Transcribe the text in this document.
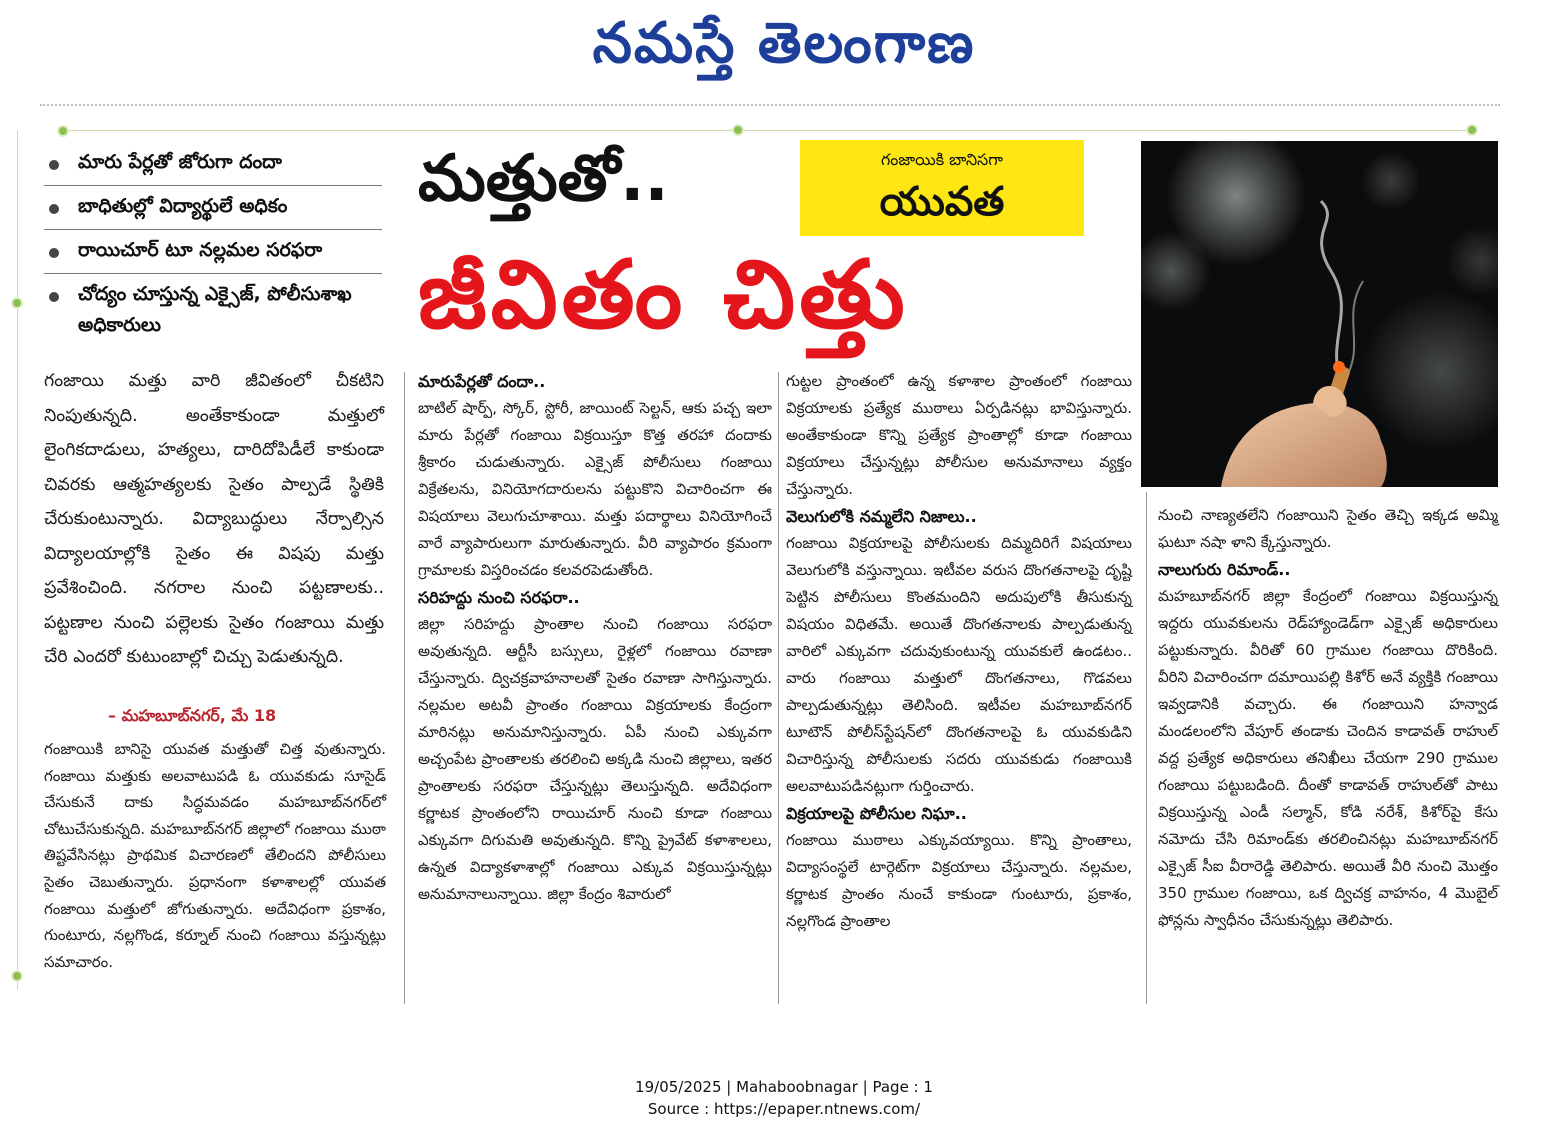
నమస్తే తెలంగాణ
మారు పేర్లతో జోరుగా దందా
బాధితుల్లో విద్యార్థులే అధికం
రాయిచూర్ టూ నల్లమల సరఫరా
చోద్యం చూస్తున్న ఎక్సైజ్, పోలీసుశాఖ అధికారులు
మత్తుతో..	గంజాయికి బానిసగా
యువత
జీవితం చిత్తు

గంజాయి మత్తు వారి జీవితంలో చీకటిని నింపుతున్నది. అంతేకాకుండా మత్తులో లైంగికదాడులు, హత్యలు, దారిదోపిడీలే కాకుండా చివరకు ఆత్మహత్యలకు సైతం పాల్పడే స్థితికి చేరుకుంటున్నారు. విద్యాబుద్ధులు నేర్పాల్సిన విద్యాలయాల్లోకి సైతం ఈ విషపు మత్తు ప్రవేశించింది. నగరాల నుంచి పట్టణాలకు.. పట్టణాల నుంచి పల్లెలకు సైతం గంజాయి మత్తు చేరి ఎందరో కుటుంబాల్లో చిచ్చు పెడుతున్నది.

– మహబూబ్‌నగర్, మే 18

గంజాయికి బానిసై యువత మత్తుతో చిత్త వుతున్నారు. గంజాయి మత్తుకు అలవాటుపడి ఓ యువకుడు సూసైడ్ చేసుకునే దాకు సిద్ధమవడం మహబూబ్‌నగర్‌లో చోటుచేసుకున్నది. మహబూబ్‌నగర్ జిల్లాలో గంజాయి ముఠా తిష్టవేసినట్లు ప్రాథమిక విచారణలో తేలిందని పోలీసులు సైతం చెబుతున్నారు. ప్రధానంగా కళాశాలల్లో యువత గంజాయి మత్తులో జోగుతున్నారు. అదేవిధంగా ప్రకాశం, గుంటూరు, నల్లగొండ, కర్నూల్ నుంచి గంజాయి వస్తున్నట్లు సమాచారం.

మారుపేర్లతో దందా..

బాటిల్ షార్ప్, స్కోర్, స్టోరీ, జాయింట్ సెల్టన్, ఆకు పచ్చ ఇలా మారు పేర్లతో గంజాయి విక్రయిస్తూ కొత్త తరహా దందాకు శ్రీకారం చుడుతున్నారు. ఎక్సైజ్ పోలీసులు గంజాయి విక్రేతలను, వినియోగదారులను పట్టుకొని విచారించగా ఈ విషయాలు వెలుగుచూశాయి. మత్తు పదార్థాలు వినియోగించే వారే వ్యాపారులుగా మారుతున్నారు. వీరి వ్యాపారం క్రమంగా గ్రామాలకు విస్తరించడం కలవరపెడుతోంది.

సరిహద్దు నుంచి సరఫరా..

జిల్లా సరిహద్దు ప్రాంతాల నుంచి గంజాయి సరఫరా అవుతున్నది. ఆర్టీసీ బస్సులు, రైళ్లలో గంజాయి రవాణా చేస్తున్నారు. ద్విచక్రవాహనాలతో సైతం రవాణా సాగిస్తున్నారు. నల్లమల అటవీ ప్రాంతం గంజాయి విక్రయాలకు కేంద్రంగా మారినట్లు అనుమానిస్తున్నారు. ఏపీ నుంచి ఎక్కువగా అచ్చంపేట ప్రాంతాలకు తరలించి అక్కడి నుంచి జిల్లాలు, ఇతర ప్రాంతాలకు సరఫరా చేస్తున్నట్లు తెలుస్తున్నది. అదేవిధంగా కర్ణాటక ప్రాంతంలోని రాయిచూర్ నుంచి కూడా గంజాయి ఎక్కువగా దిగుమతి అవుతున్నది. కొన్ని ప్రైవేట్ కళాశాలలు, ఉన్నత విద్యాకళాశాల్లో గంజాయి ఎక్కువ విక్రయిస్తున్నట్లు అనుమానాలున్నాయి. జిల్లా కేంద్రం శివారులో

గుట్టల ప్రాంతంలో ఉన్న కళాశాల ప్రాంతంలో గంజాయి విక్రయాలకు ప్రత్యేక ముఠాలు ఏర్పడినట్లు భావిస్తున్నారు. అంతేకాకుండా కొన్ని ప్రత్యేక ప్రాంతాల్లో కూడా గంజాయి విక్రయాలు చేస్తున్నట్లు పోలీసుల అనుమానాలు వ్యక్తం చేస్తున్నారు.

వెలుగులోకి నమ్మలేని నిజాలు..

గంజాయి విక్రయాలపై పోలీసులకు దిమ్మదిరిగే విషయాలు వెలుగులోకి వస్తున్నాయి. ఇటీవల వరుస దొంగతనాలపై దృష్టి పెట్టిన పోలీసులు కొంతమందిని అదుపులోకి తీసుకున్న విషయం విధితమే. అయితే దొంగతనాలకు పాల్పడుతున్న వారిలో ఎక్కువగా చదువుకుంటున్న యువకులే ఉండటం.. వారు గంజాయి మత్తులో దొంగతనాలు, గొడవలు పాల్పడుతున్నట్లు తెలిసింది. ఇటీవల మహబూబ్‌నగర్ టూటౌన్ పోలీస్‌స్టేషన్‌లో దొంగతనాలపై ఓ యువకుడిని విచారిస్తున్న పోలీసులకు సదరు యువకుడు గంజాయికి అలవాటుపడినట్లుగా గుర్తించారు.

విక్రయాలపై పోలీసుల నిఘా..

గంజాయి ముఠాలు ఎక్కువయ్యాయి. కొన్ని ప్రాంతాలు, విద్యాసంస్థలే టార్గెట్‌గా విక్రయాలు చేస్తున్నారు. నల్లమల, కర్ణాటక ప్రాంతం నుంచే కాకుండా గుంటూరు, ప్రకాశం, నల్లగొండ ప్రాంతాల

నుంచి నాణ్యతలేని గంజాయిని సైతం తెచ్చి ఇక్కడ అమ్మి ఘటూ నషా ళాని క్కేస్తున్నారు.

నాలుగురు రిమాండ్..

మహబూబ్‌నగర్ జిల్లా కేంద్రంలో గంజాయి విక్రయిస్తున్న ఇద్దరు యువకులను రెడ్‌హ్యాండెడ్‌గా ఎక్సైజ్ అధికారులు పట్టుకున్నారు. వీరితో 60 గ్రాముల గంజాయి దొరికింది. వీరిని విచారించగా దమాయిపల్లి కిశోర్ అనే వ్యక్తికి గంజాయి ఇవ్వడానికి వచ్చారు. ఈ గంజాయిని హన్వాడ మండలంలోని వేపూర్ తండాకు చెందిన కాడావత్ రాహుల్ వద్ద ప్రత్యేక అధికారులు తనిఖీలు చేయగా 290 గ్రాముల గంజాయి పట్టుబడింది. దీంతో కాడావత్ రాహుల్‌తో పాటు విక్రయిస్తున్న ఎండీ సల్మాన్, కోడి నరేశ్, కిశోర్‌పై కేసు నమోదు చేసి రిమాండ్‌కు తరలించినట్లు మహబూబ్‌నగర్ ఎక్సైజ్ సీఐ వీరారెడ్డి తెలిపారు. అయితే వీరి నుంచి మొత్తం 350 గ్రాముల గంజాయి, ఒక ద్విచక్ర వాహనం, 4 మొబైల్ ఫోన్లను స్వాధీనం చేసుకున్నట్లు తెలిపారు.

19/05/2025 | Mahaboobnagar | Page : 1
Source : https://epaper.ntnews.com/
